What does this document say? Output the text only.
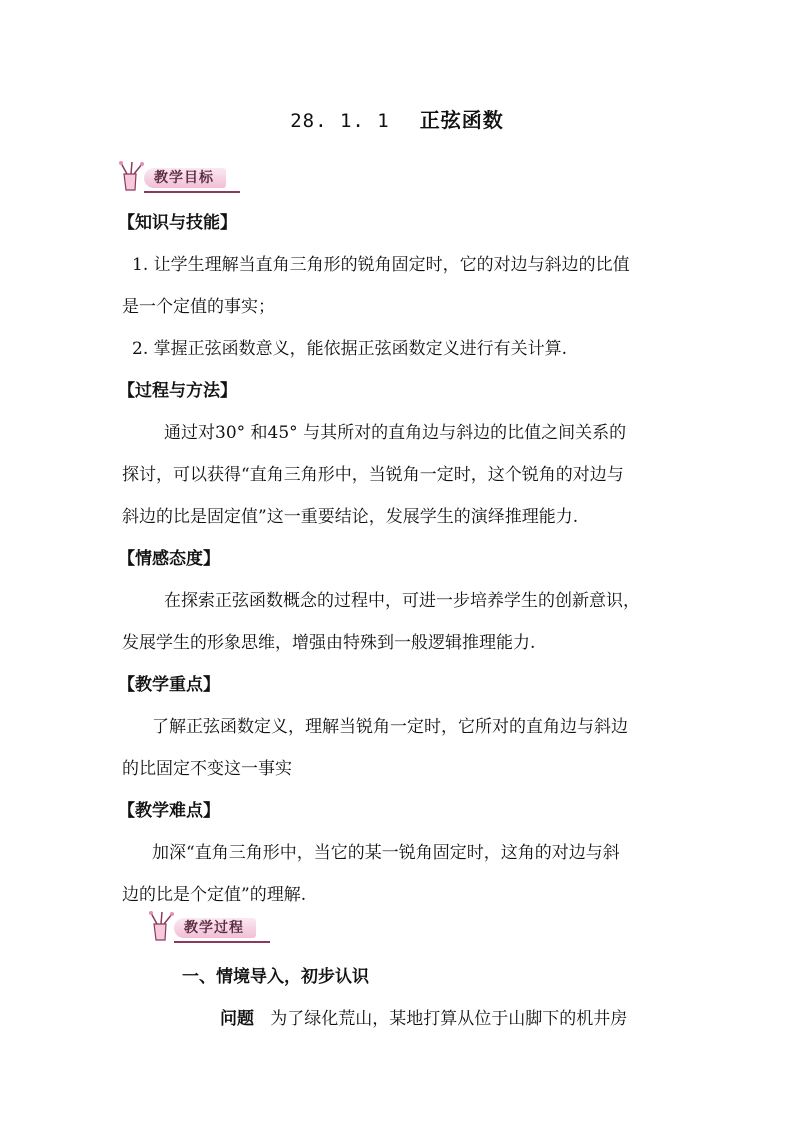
28. 1. 1 正弦函数
教学目标
【知识与技能】
1. 让学生理解当直角三角形的锐角固定时，它的对边与斜边的比值
是一个定值的事实；
2. 掌握正弦函数意义，能依据正弦函数定义进行有关计算.
【过程与方法】
通过对30° 和45° 与其所对的直角边与斜边的比值之间关系的
探讨，可以获得“直角三角形中，当锐角一定时，这个锐角的对边与
斜边的比是固定值”这一重要结论，发展学生的演绎推理能力.
【情感态度】
在探索正弦函数概念的过程中，可进一步培养学生的创新意识，
发展学生的形象思维，增强由特殊到一般逻辑推理能力.
【教学重点】
了解正弦函数定义，理解当锐角一定时，它所对的直角边与斜边
的比固定不变这一事实
【教学难点】
加深“直角三角形中，当它的某一锐角固定时，这角的对边与斜
边的比是个定值”的理解.
教学过程
一、情境导入，初步认识
问题 为了绿化荒山，某地打算从位于山脚下的机井房
